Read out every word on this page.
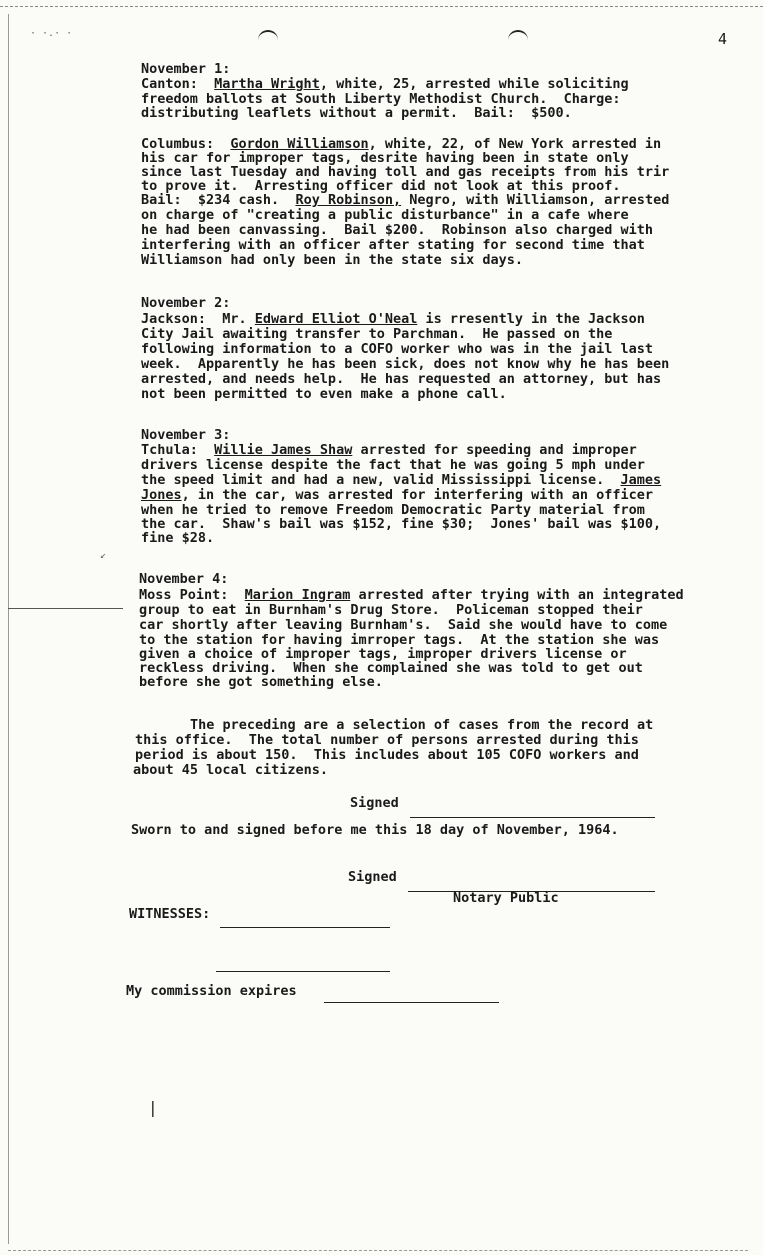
4
November 1:
Canton:  Martha Wright, white, 25, arrested while soliciting
freedom ballots at South Liberty Methodist Church.  Charge:
distributing leaflets without a permit.  Bail:  $500.
Columbus:  Gordon Williamson, white, 22, of New York arrested in
his car for improper tags, desrite having been in state only
since last Tuesday and having toll and gas receipts from his trir
to prove it.  Arresting officer did not look at this proof.
Bail:  $234 cash.  Roy Robinson, Negro, with Williamson, arrested
on charge of "creating a public disturbance" in a cafe where
he had been canvassing.  Bail $200.  Robinson also charged with
interfering with an officer after stating for second time that
Williamson had only been in the state six days.
November 2:
Jackson:  Mr. Edward Elliot O'Neal is rresently in the Jackson
City Jail awaiting transfer to Parchman.  He passed on the
following information to a COFO worker who was in the jail last
week.  Apparently he has been sick, does not know why he has been
arrested, and needs help.  He has requested an attorney, but has
not been permitted to even make a phone call.
November 3:
Tchula:  Willie James Shaw arrested for speeding and improper
drivers license despite the fact that he was going 5 mph under
the speed limit and had a new, valid Mississippi license.  James
Jones, in the car, was arrested for interfering with an officer
when he tried to remove Freedom Democratic Party material from
the car.  Shaw's bail was $152, fine $30;  Jones' bail was $100,
fine $28.
November 4:
Moss Point:  Marion Ingram arrested after trying with an integrated
group to eat in Burnham's Drug Store.  Policeman stopped their
car shortly after leaving Burnham's.  Said she would have to come
to the station for having imrroper tags.  At the station she was
given a choice of improper tags, improper drivers license or
reckless driving.  When she complained she was told to get out
before she got something else.
The preceding are a selection of cases from the record at
this office.  The total number of persons arrested during this
period is about 150.  This includes about 105 COFO workers and
about 45 local citizens.
Signed
Sworn to and signed before me this 18 day of November, 1964.
Signed
Notary Public
WITNESSES:
My commission expires
· ·.· ·
↙
|
